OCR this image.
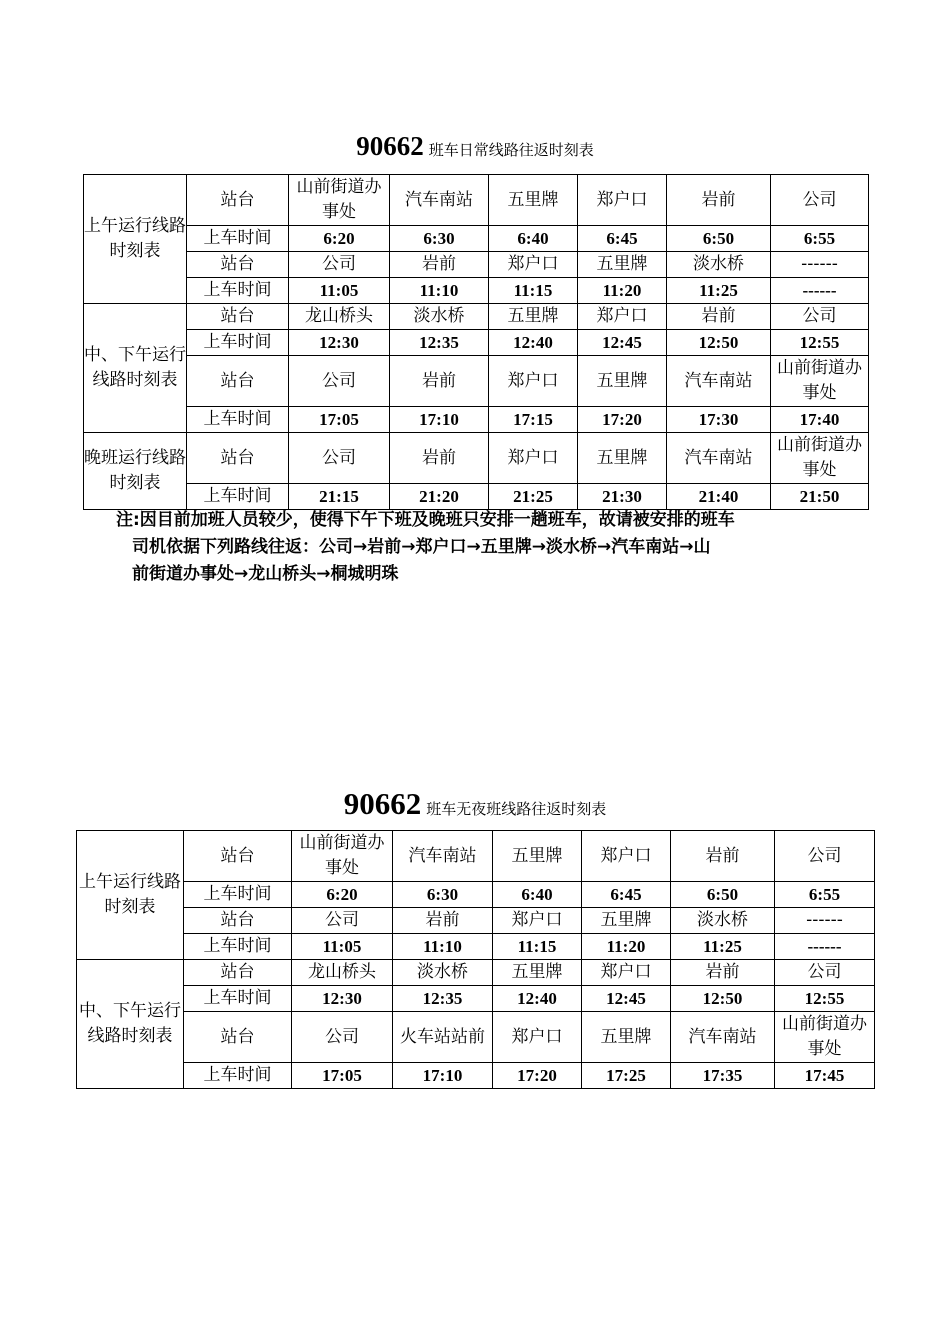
90662 班车日常线路往返时刻表
上午运行线路时刻表	站台	山前街道办事处	汽车南站	五里牌	郑户口	岩前	公司
	上车时间	6:20	6:30	6:40	6:45	6:50	6:55
	站台	公司	岩前	郑户口	五里牌	淡水桥	------
	上车时间	11:05	11:10	11:15	11:20	11:25	------
中、下午运行线路时刻表	站台	龙山桥头	淡水桥	五里牌	郑户口	岩前	公司
	上车时间	12:30	12:35	12:40	12:45	12:50	12:55
	站台	公司	岩前	郑户口	五里牌	汽车南站	山前街道办事处
	上车时间	17:05	17:10	17:15	17:20	17:30	17:40
晚班运行线路时刻表	站台	公司	岩前	郑户口	五里牌	汽车南站	山前街道办事处
	上车时间	21:15	21:20	21:25	21:30	21:40	21:50
注:因目前加班人员较少，使得下午下班及晚班只安排一趟班车，故请被安排的班车
司机依据下列路线往返：公司→岩前→郑户口→五里牌→淡水桥→汽车南站→山
前街道办事处→龙山桥头→桐城明珠
90662 班车无夜班线路往返时刻表
上午运行线路时刻表	站台	山前街道办事处	汽车南站	五里牌	郑户口	岩前	公司
	上车时间	6:20	6:30	6:40	6:45	6:50	6:55
	站台	公司	岩前	郑户口	五里牌	淡水桥	------
	上车时间	11:05	11:10	11:15	11:20	11:25	------
中、下午运行线路时刻表	站台	龙山桥头	淡水桥	五里牌	郑户口	岩前	公司
	上车时间	12:30	12:35	12:40	12:45	12:50	12:55
	站台	公司	火车站站前	郑户口	五里牌	汽车南站	山前街道办事处
	上车时间	17:05	17:10	17:20	17:25	17:35	17:45
